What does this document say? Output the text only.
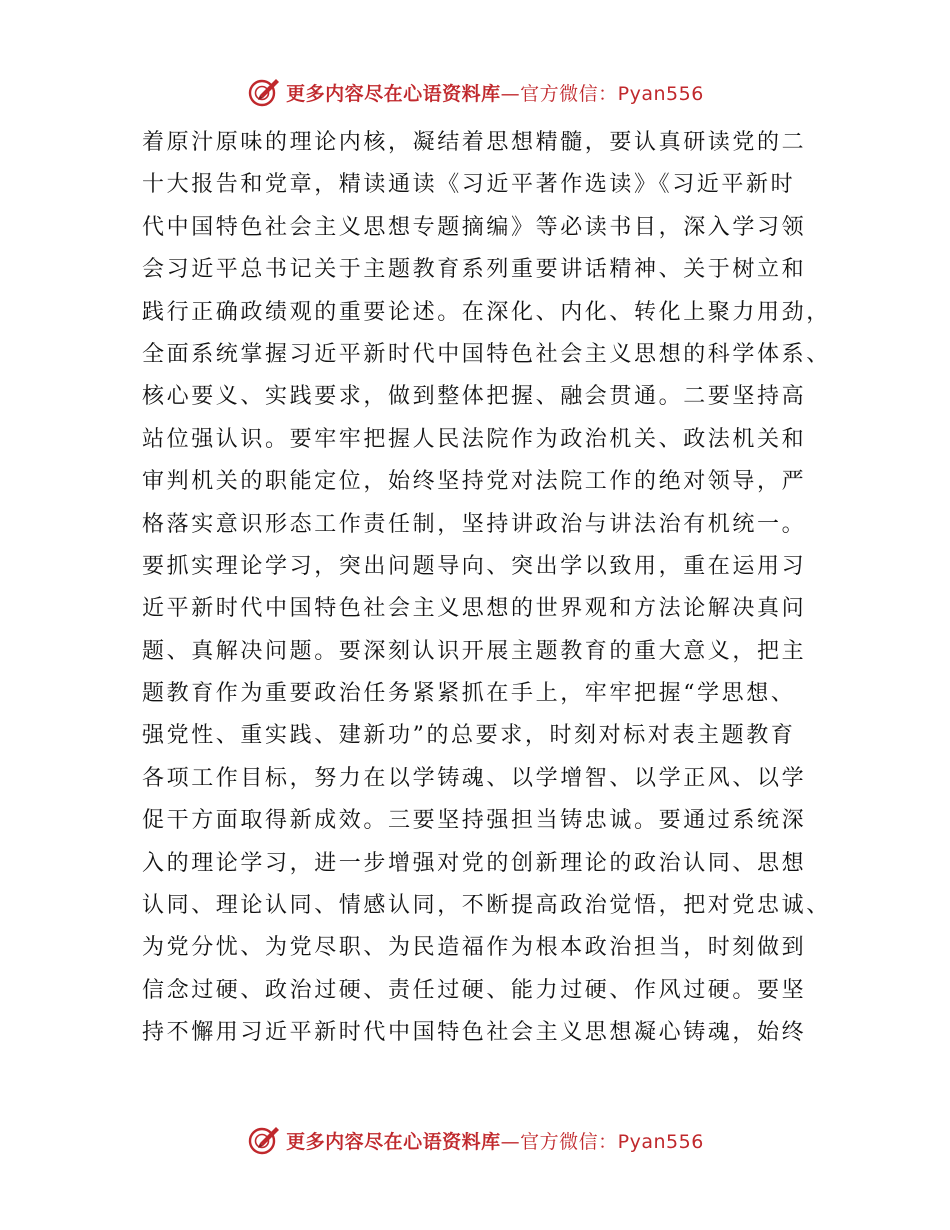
更多内容尽在心语资料库—官方微信：Pyan556
着原汁原味的理论内核，凝结着思想精髓，要认真研读党的二
十大报告和党章，精读通读《习近平著作选读》《习近平新时
代中国特色社会主义思想专题摘编》等必读书目，深入学习领
会习近平总书记关于主题教育系列重要讲话精神、关于树立和
践行正确政绩观的重要论述。在深化、内化、转化上聚力用劲，
全面系统掌握习近平新时代中国特色社会主义思想的科学体系、
核心要义、实践要求，做到整体把握、融会贯通。二要坚持高
站位强认识。要牢牢把握人民法院作为政治机关、政法机关和
审判机关的职能定位，始终坚持党对法院工作的绝对领导，严
格落实意识形态工作责任制，坚持讲政治与讲法治有机统一。
要抓实理论学习，突出问题导向、突出学以致用，重在运用习
近平新时代中国特色社会主义思想的世界观和方法论解决真问
题、真解决问题。要深刻认识开展主题教育的重大意义，把主
题教育作为重要政治任务紧紧抓在手上，牢牢把握“学思想、
强党性、重实践、建新功”的总要求，时刻对标对表主题教育
各项工作目标，努力在以学铸魂、以学增智、以学正风、以学
促干方面取得新成效。三要坚持强担当铸忠诚。要通过系统深
入的理论学习，进一步增强对党的创新理论的政治认同、思想
认同、理论认同、情感认同，不断提高政治觉悟，把对党忠诚、
为党分忧、为党尽职、为民造福作为根本政治担当，时刻做到
信念过硬、政治过硬、责任过硬、能力过硬、作风过硬。要坚
持不懈用习近平新时代中国特色社会主义思想凝心铸魂，始终
更多内容尽在心语资料库—官方微信：Pyan556
